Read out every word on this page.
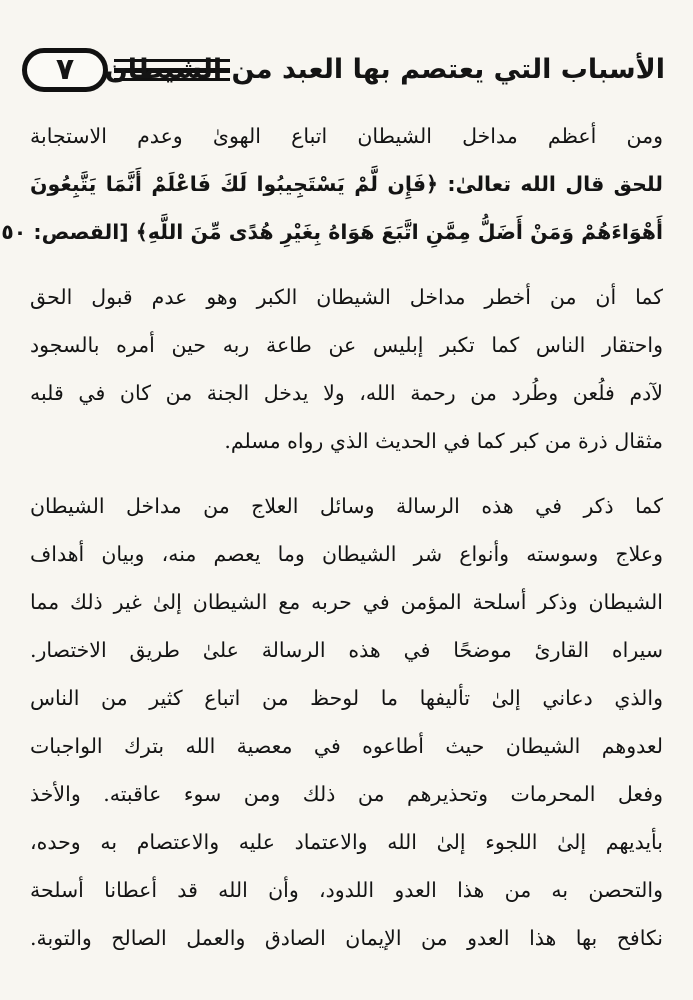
٧ الأسباب التي يعتصم بها العبد من الشيطان

ومن أعظم مداخل الشيطان اتباع الهوىٰ وعدم الاستجابة
للحق قال الله تعالىٰ: ﴿فَإِن لَّمْ يَسْتَجِيبُوا لَكَ فَاعْلَمْ أَنَّمَا يَتَّبِعُونَ
أَهْوَاءَهُمْ وَمَنْ أَضَلُّ مِمَّنِ اتَّبَعَ هَوَاهُ بِغَيْرِ هُدًى مِّنَ اللَّهِ﴾ [القصص: ٥٠

كما أن من أخطر مداخل الشيطان الكبر وهو عدم قبول الحق
واحتقار الناس كما تكبر إبليس عن طاعة ربه حين أمره بالسجود
لآدم فلُعن وطُرد من رحمة الله، ولا يدخل الجنة من كان في قلبه
مثقال ذرة من كبر كما في الحديث الذي رواه مسلم.

كما ذكر في هذه الرسالة وسائل العلاج من مداخل الشيطان
وعلاج وسوسته وأنواع شر الشيطان وما يعصم منه، وبيان أهداف
الشيطان وذكر أسلحة المؤمن في حربه مع الشيطان إلىٰ غير ذلك مما
سيراه القارئ موضحًا في هذه الرسالة علىٰ طريق الاختصار.
والذي دعاني إلىٰ تأليفها ما لوحظ من اتباع كثير من الناس
لعدوهم الشيطان حيث أطاعوه في معصية الله بترك الواجبات
وفعل المحرمات وتحذيرهم من ذلك ومن سوء عاقبته. والأخذ
بأيديهم إلىٰ اللجوء إلىٰ الله والاعتماد عليه والاعتصام به وحده،
والتحصن به من هذا العدو اللدود، وأن الله قد أعطانا أسلحة
نكافح بها هذا العدو من الإيمان الصادق والعمل الصالح والتوبة.
